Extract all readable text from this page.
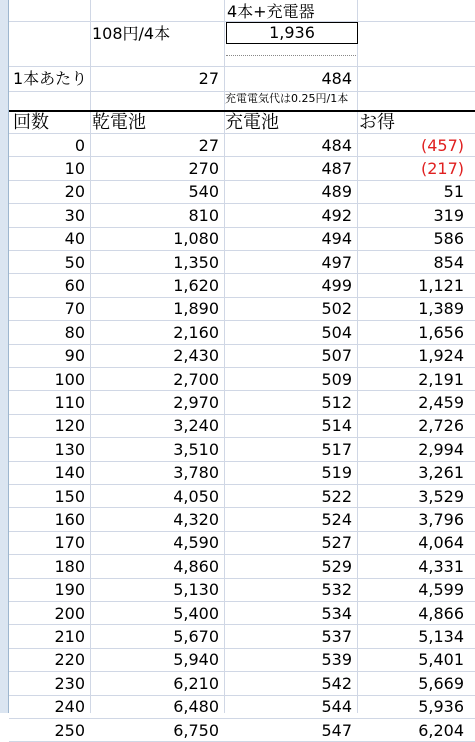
4本+充電器
108円/4本	1,936
1本あたり	27	484
充電電気代は0.25円/1本
回数	乾電池	充電池	お得
0	27	484	(457)
10	270	487	(217)
20	540	489	51
30	810	492	319
40	1,080	494	586
50	1,350	497	854
60	1,620	499	1,121
70	1,890	502	1,389
80	2,160	504	1,656
90	2,430	507	1,924
100	2,700	509	2,191
110	2,970	512	2,459
120	3,240	514	2,726
130	3,510	517	2,994
140	3,780	519	3,261
150	4,050	522	3,529
160	4,320	524	3,796
170	4,590	527	4,064
180	4,860	529	4,331
190	5,130	532	4,599
200	5,400	534	4,866
210	5,670	537	5,134
220	5,940	539	5,401
230	6,210	542	5,669
240	6,480	544	5,936
250	6,750	547	6,204
